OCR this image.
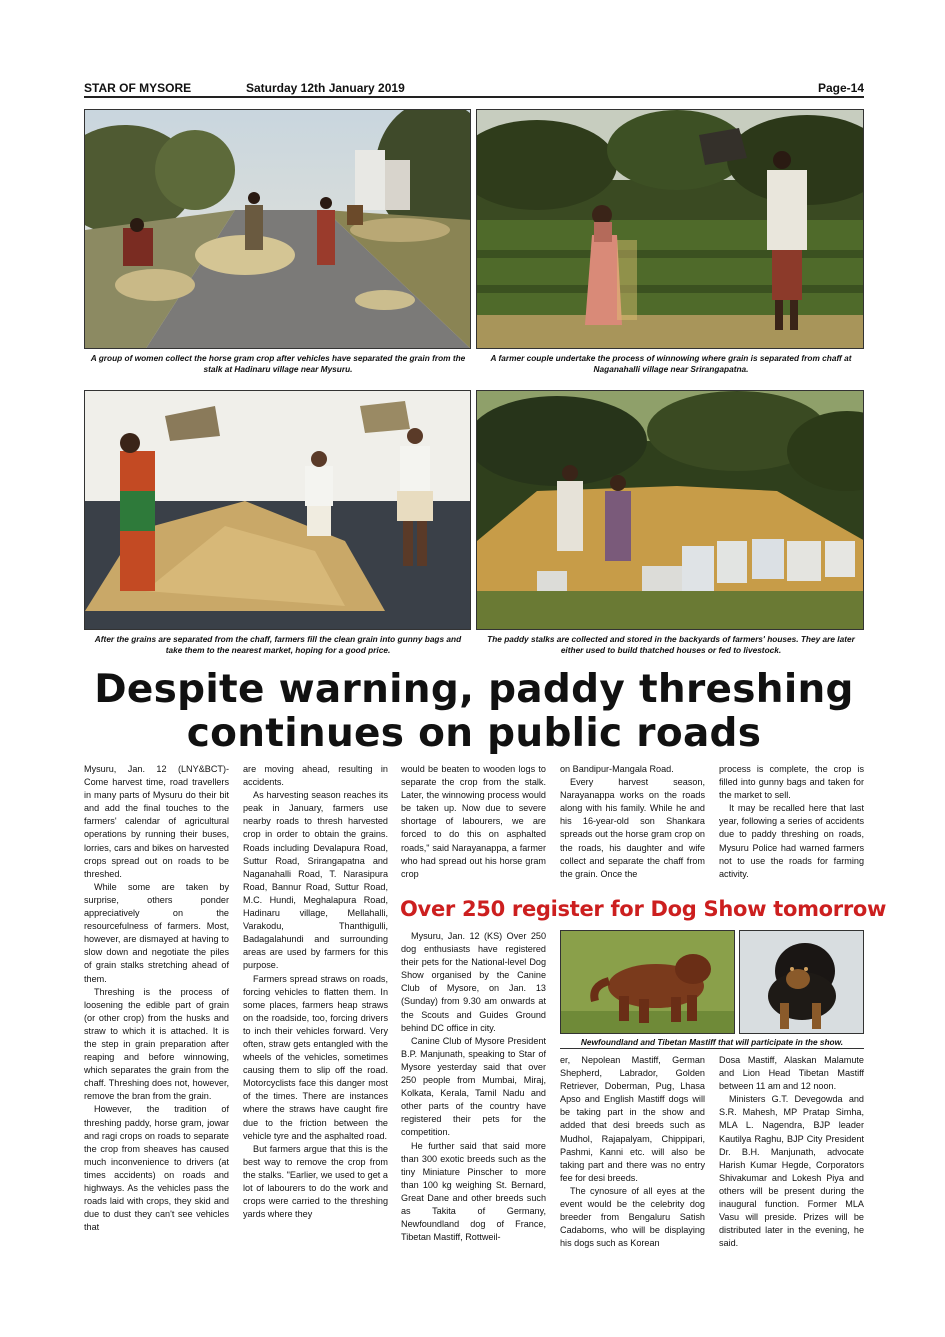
STAR OF MYSORE	Saturday 12th January 2019	Page-14
A group of women collect the horse gram crop after vehicles have separated the grain from the stalk at Hadinaru village near Mysuru.
A farmer couple undertake the process of winnowing where grain is separated from chaff at Naganahalli village near Srirangapatna.
After the grains are separated from the chaff, farmers fill the clean grain into gunny bags and take them to the nearest market, hoping for a good price.
The paddy stalks are collected and stored in the backyards of farmers' houses. They are later either used to build thatched houses or fed to livestock.
Despite warning, paddy threshing continues on public roads

Mysuru, Jan. 12 (LNY&BCT)- Come harvest time, road travellers in many parts of Mysuru do their bit and add the final touches to the farmers' calendar of agricultural operations by running their buses, lorries, cars and bikes on harvested crops spread out on roads to be threshed.

While some are taken by surprise, others ponder appreciatively on the resourcefulness of farmers. Most, however, are dismayed at having to slow down and negotiate the piles of grain stalks stretching ahead of them.

Threshing is the process of loosening the edible part of grain (or other crop) from the husks and straw to which it is attached. It is the step in grain preparation after reaping and before winnowing, which separates the grain from the chaff. Threshing does not, however, remove the bran from the grain.

However, the tradition of threshing paddy, horse gram, jowar and ragi crops on roads to separate the crop from sheaves has caused much inconvenience to drivers (at times accidents) on roads and highways. As the vehicles pass the roads laid with crops, they skid and due to dust they can't see vehicles that

are moving ahead, resulting in accidents.

As harvesting season reaches its peak in January, farmers use nearby roads to thresh harvested crop in order to obtain the grains. Roads including Devalapura Road, Suttur Road, Srirangapatna and Naganahalli Road, T. Narasipura Road, Bannur Road, Suttur Road, M.C. Hundi, Meghalapura Road, Hadinaru village, Mellahalli, Varakodu, Thanthigulli, Badagalahundi and surrounding areas are used by farmers for this purpose.

Farmers spread straws on roads, forcing vehicles to flatten them. In some places, farmers heap straws on the roadside, too, forcing drivers to inch their vehicles forward. Very often, straw gets entangled with the wheels of the vehicles, sometimes causing them to slip off the road. Motorcyclists face this danger most of the times. There are instances where the straws have caught fire due to the friction between the vehicle tyre and the asphalted road.

But farmers argue that this is the best way to remove the crop from the stalks. "Earlier, we used to get a lot of labourers to do the work and crops were carried to the threshing yards where they

would be beaten to wooden logs to separate the crop from the stalk. Later, the winnowing process would be taken up. Now due to severe shortage of labourers, we are forced to do this on asphalted roads," said Narayanappa, a farmer who had spread out his horse gram crop

on Bandipur-Mangala Road.

Every harvest season, Narayanappa works on the roads along with his family. While he and his 16-year-old son Shankara spreads out the horse gram crop on the roads, his daughter and wife collect and separate the chaff from the grain. Once the

process is complete, the crop is filled into gunny bags and taken for the market to sell.

It may be recalled here that last year, following a series of accidents due to paddy threshing on roads, Mysuru Police had warned farmers not to use the roads for farming activity.

Over 250 register for Dog Show tomorrow
Newfoundland and Tibetan Mastiff that will participate in the show.

Mysuru, Jan. 12 (KS) Over 250 dog enthusiasts have registered their pets for the National-level Dog Show organised by the Canine Club of Mysore, on Jan. 13 (Sunday) from 9.30 am onwards at the Scouts and Guides Ground behind DC office in city.

Canine Club of Mysore President B.P. Manjunath, speaking to Star of Mysore yesterday said that over 250 people from Mumbai, Miraj, Kolkata, Kerala, Tamil Nadu and other parts of the country have registered their pets for the competition.

He further said that said more than 300 exotic breeds such as the tiny Miniature Pinscher to more than 100 kg weighing St. Bernard, Great Dane and other breeds such as Takita of Germany, Newfoundland dog of France, Tibetan Mastiff, Rottweil-

er, Nepolean Mastiff, German Shepherd, Labrador, Golden Retriever, Doberman, Pug, Lhasa Apso and English Mastiff dogs will be taking part in the show and added that desi breeds such as Mudhol, Rajapalyam, Chippipari, Pashmi, Kanni etc. will also be taking part and there was no entry fee for desi breeds.

The cynosure of all eyes at the event would be the celebrity dog breeder from Bengaluru Satish Cadaboms, who will be displaying his dogs such as Korean

Dosa Mastiff, Alaskan Malamute and Lion Head Tibetan Mastiff between 11 am and 12 noon.

Ministers G.T. Devegowda and S.R. Mahesh, MP Pratap Simha, MLA L. Nagendra, BJP leader Kautilya Raghu, BJP City President Dr. B.H. Manjunath, advocate Harish Kumar Hegde, Corporators Shivakumar and Lokesh Piya and others will be present during the inaugural function. Former MLA Vasu will preside. Prizes will be distributed later in the evening, he said.
